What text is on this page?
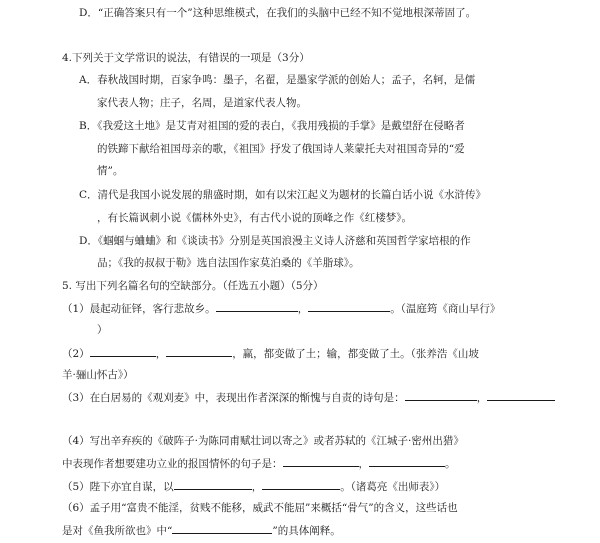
D．“正确答案只有一个”这种思维模式，在我们的头脑中已经不知不觉地根深蒂固了。
4.下列关于文学常识的说法，有错误的一项是（3分）
A．春秋战国时期，百家争鸣：墨子，名翟，是墨家学派的创始人；孟子，名轲，是儒
家代表人物；庄子，名周，是道家代表人物。
B．《我爱这土地》是艾青对祖国的爱的表白，《我用残损的手掌》是戴望舒在侵略者
的铁蹄下献给祖国母亲的歌，《祖国》抒发了俄国诗人莱蒙托夫对祖国奇异的“爱
情”。
C．清代是我国小说发展的鼎盛时期，如有以宋江起义为题材的长篇白话小说《水浒传》
，有长篇讽刺小说《儒林外史》，有古代小说的顶峰之作《红楼梦》。
D．《蝈蝈与蛐蛐》和《谈读书》分别是英国浪漫主义诗人济慈和英国哲学家培根的作
品；《我的叔叔于勒》选自法国作家莫泊桑的《羊脂球》。
5. 写出下列名篇名句的空缺部分。（任选五小题）（5分）
（1）晨起动征铎，客行悲故乡。	，	。（温庭筠《商山早行》
）
（2）	，	，赢，都变做了土；输，都变做了土。（张养浩《山坡
羊·骊山怀古》）
（3）在白居易的《观刈麦》中，表现出作者深深的惭愧与自责的诗句是：	，
（4）写出辛弃疾的《破阵子·为陈同甫赋壮词以寄之》或者苏轼的《江城子·密州出猎》
中表现作者想要建功立业的报国情怀的句子是：	，	。
（5）陛下亦宜自谋，以	，	。（诸葛亮《出师表》）
（6）孟子用“富贵不能淫，贫贱不能移，威武不能屈”来概括“骨气”的含义，这些话也
是对《鱼我所欲也》中“	”的具体阐释。
